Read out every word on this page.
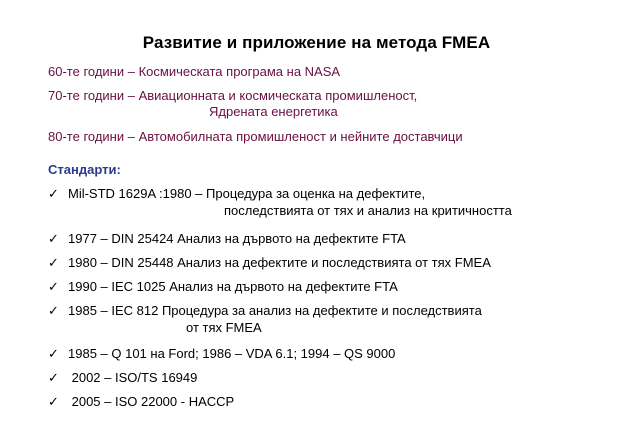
Развитие и приложение на метода FMEA
60-те години – Космическата програма на NASA
70-те години – Авиационната и космическата промишленост,
Ядрената енергетика
80-те години – Автомобилната промишленост и нейните доставчици
Стандарти:
✓ Mil-STD 1629A :1980 – Процедура за оценка на дефектите,
последствията от тях и анализ на критичността
✓ 1977 – DIN 25424 Анализ на дървото на дефектите FTA
✓ 1980 – DIN 25448 Анализ на дефектите и последствията от тях FMEA
✓ 1990 – IEC 1025 Анализ на дървото на дефектите FTA
✓ 1985 – IEC 812 Процедура за анализ на дефектите и последствията
от тях FMEA
✓ 1985 – Q 101 на Ford; 1986 – VDA 6.1; 1994 – QS 9000
✓ 2002 – ISO/TS 16949
✓ 2005 – ISO 22000 - HACCP
